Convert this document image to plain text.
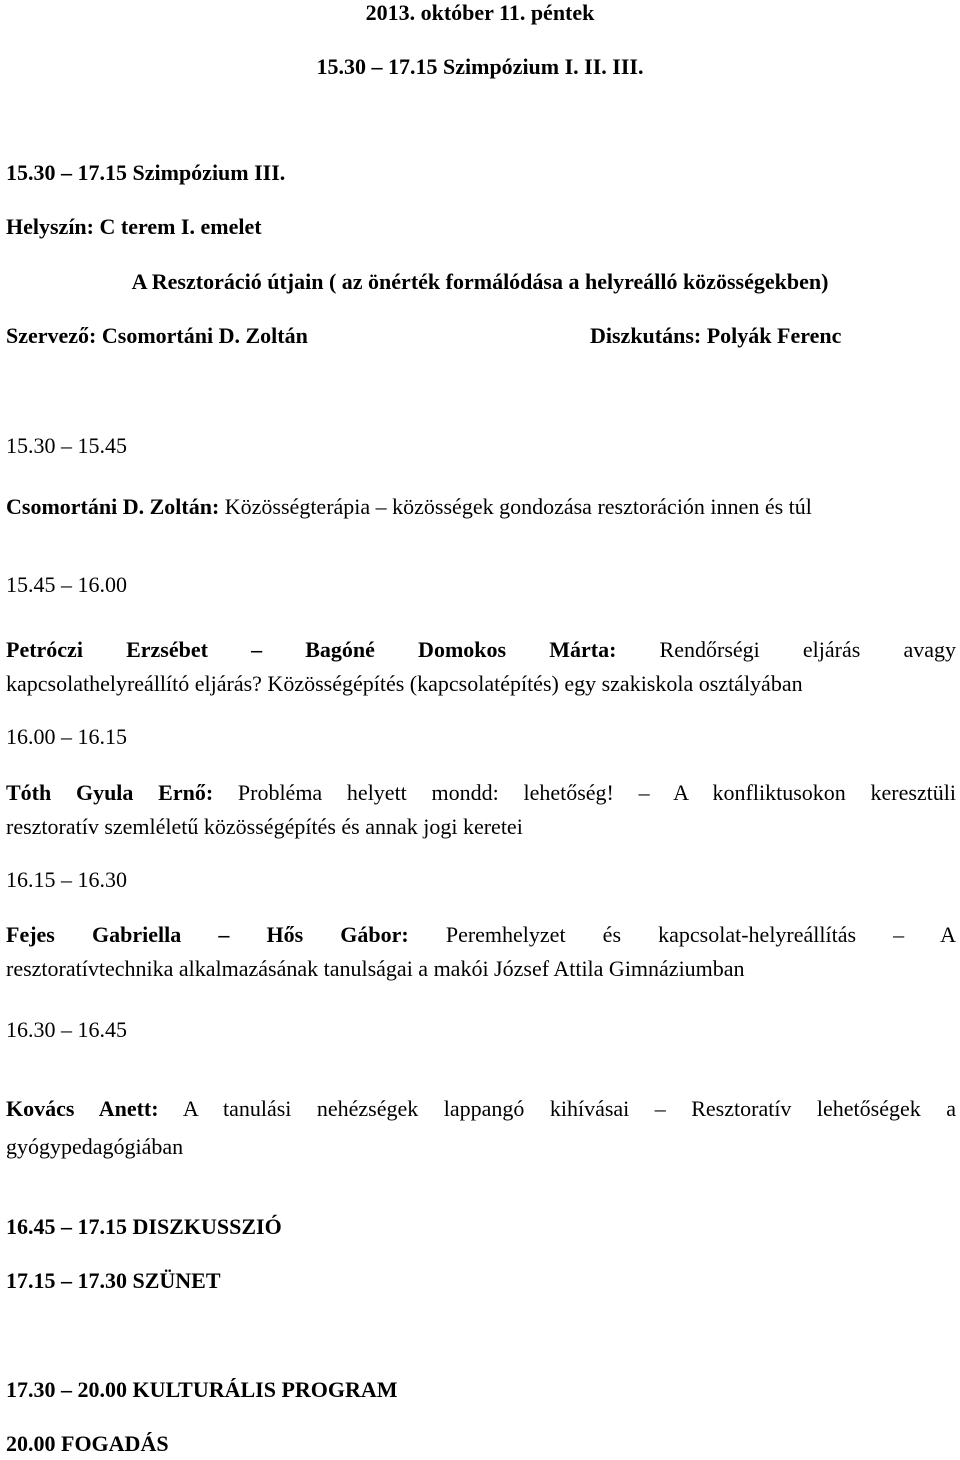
2013. október 11. péntek
15.30 – 17.15 Szimpózium I. II. III.
15.30 – 17.15 Szimpózium III.
Helyszín: C terem I. emelet
A Resztoráció útjain ( az önérték formálódása a helyreálló közösségekben)
Szervező: Csomortáni D. Zoltán	Diszkutáns: Polyák Ferenc
15.30 – 15.45
Csomortáni D. Zoltán: Közösségterápia – közösségek gondozása resztoráción innen és túl
15.45 – 16.00
Petróczi Erzsébet – Bagóné Domokos Márta: Rendőrségi eljárás avagy
kapcsolathelyreállító eljárás? Közösségépítés (kapcsolatépítés) egy szakiskola osztályában
16.00 – 16.15
Tóth Gyula Ernő: Probléma helyett mondd: lehetőség! – A konfliktusokon keresztüli
resztoratív szemléletű közösségépítés és annak jogi keretei
16.15 – 16.30
Fejes Gabriella – Hős Gábor: Peremhelyzet és kapcsolat-helyreállítás – A
resztoratívtechnika alkalmazásának tanulságai a makói József Attila Gimnáziumban
16.30 – 16.45
Kovács Anett: A tanulási nehézségek lappangó kihívásai – Resztoratív lehetőségek a
gyógypedagógiában
16.45 – 17.15 DISZKUSSZIÓ
17.15 – 17.30 SZÜNET
17.30 – 20.00 KULTURÁLIS PROGRAM
20.00 FOGADÁS
